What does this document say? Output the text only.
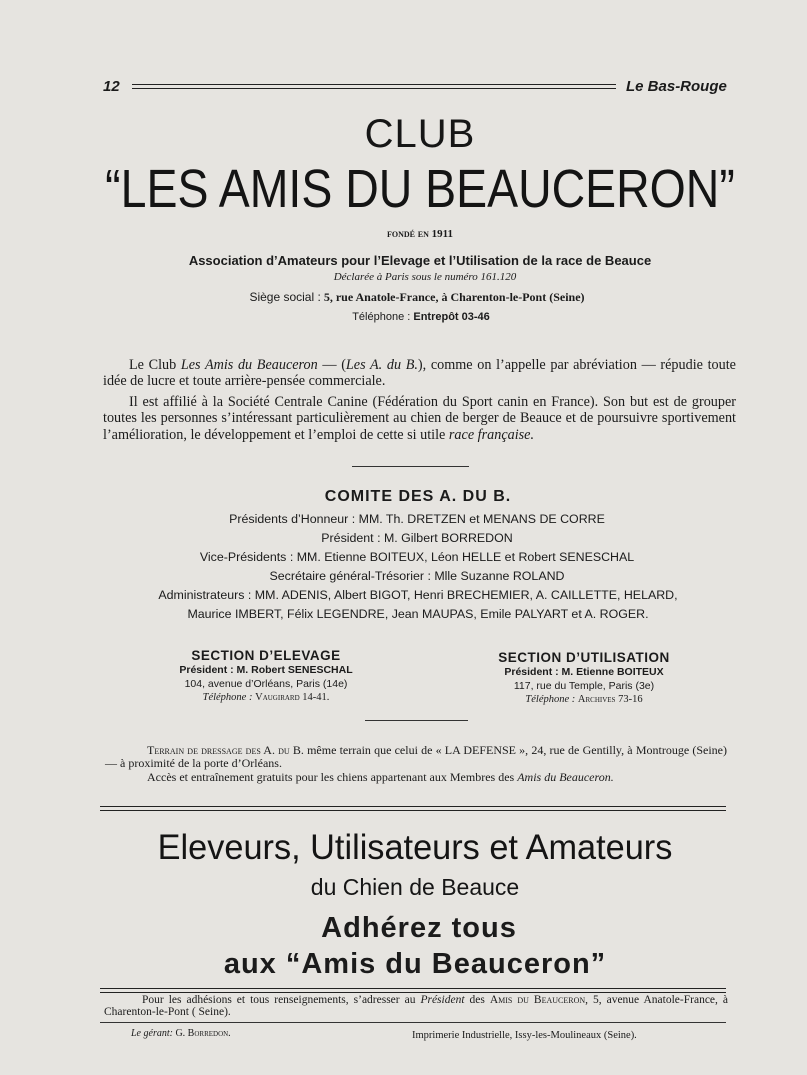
12	Le Bas-Rouge
CLUB
“LES AMIS DU BEAUCERON”
fondé en 1911
Association d’Amateurs pour l’Elevage et l’Utilisation de la race de Beauce
Déclarée à Paris sous le numéro 161.120
Siège social : 5, rue Anatole-France, à Charenton-le-Pont (Seine)
Téléphone : Entrepôt 03-46
Le Club Les Amis du Beauceron — (Les A. du B.), comme on l’appelle par abréviation — répudie toute idée de lucre et toute arrière-pensée commerciale.
Il est affilié à la Société Centrale Canine (Fédération du Sport canin en France). Son but est de grouper toutes les personnes s’intéressant particulièrement au chien de berger de Beauce et de poursuivre sportivement l’amélioration, le développement et l’emploi de cette si utile race française.
COMITE DES A. DU B.
Présidents d’Honneur : MM. Th. DRETZEN et MENANS DE CORRE
Président : M. Gilbert BORREDON
Vice-Présidents : MM. Etienne BOITEUX, Léon HELLE et Robert SENESCHAL
Secrétaire général-Trésorier : Mlle Suzanne ROLAND
Administrateurs : MM. ADENIS, Albert BIGOT, Henri BRECHEMIER, A. CAILLETTE, HELARD,
Maurice IMBERT, Félix LEGENDRE, Jean MAUPAS, Emile PALYART et A. ROGER.
SECTION D’ELEVAGE
Président : M. Robert SENESCHAL
104, avenue d’Orléans, Paris (14e)
Téléphone : Vaugirard 14-41.
SECTION D’UTILISATION
Président : M. Etienne BOITEUX
117, rue du Temple, Paris (3e)
Téléphone : Archives 73-16
Terrain de dressage des A. du B. même terrain que celui de « LA DEFENSE », 24, rue de Gentilly, à Montrouge (Seine) — à proximité de la porte d’Orléans.
Accès et entraînement gratuits pour les chiens appartenant aux Membres des Amis du Beauceron.
Eleveurs, Utilisateurs et Amateurs
du Chien de Beauce
Adhérez tous
aux “Amis du Beauceron”
Pour les adhésions et tous renseignements, s’adresser au Président des Amis du Beauceron, 5, avenue Anatole-France, à Charenton-le-Pont ( Seine).
Le gérant: G. Borredon.	Imprimerie Industrielle, Issy-les-Moulineaux (Seine).
